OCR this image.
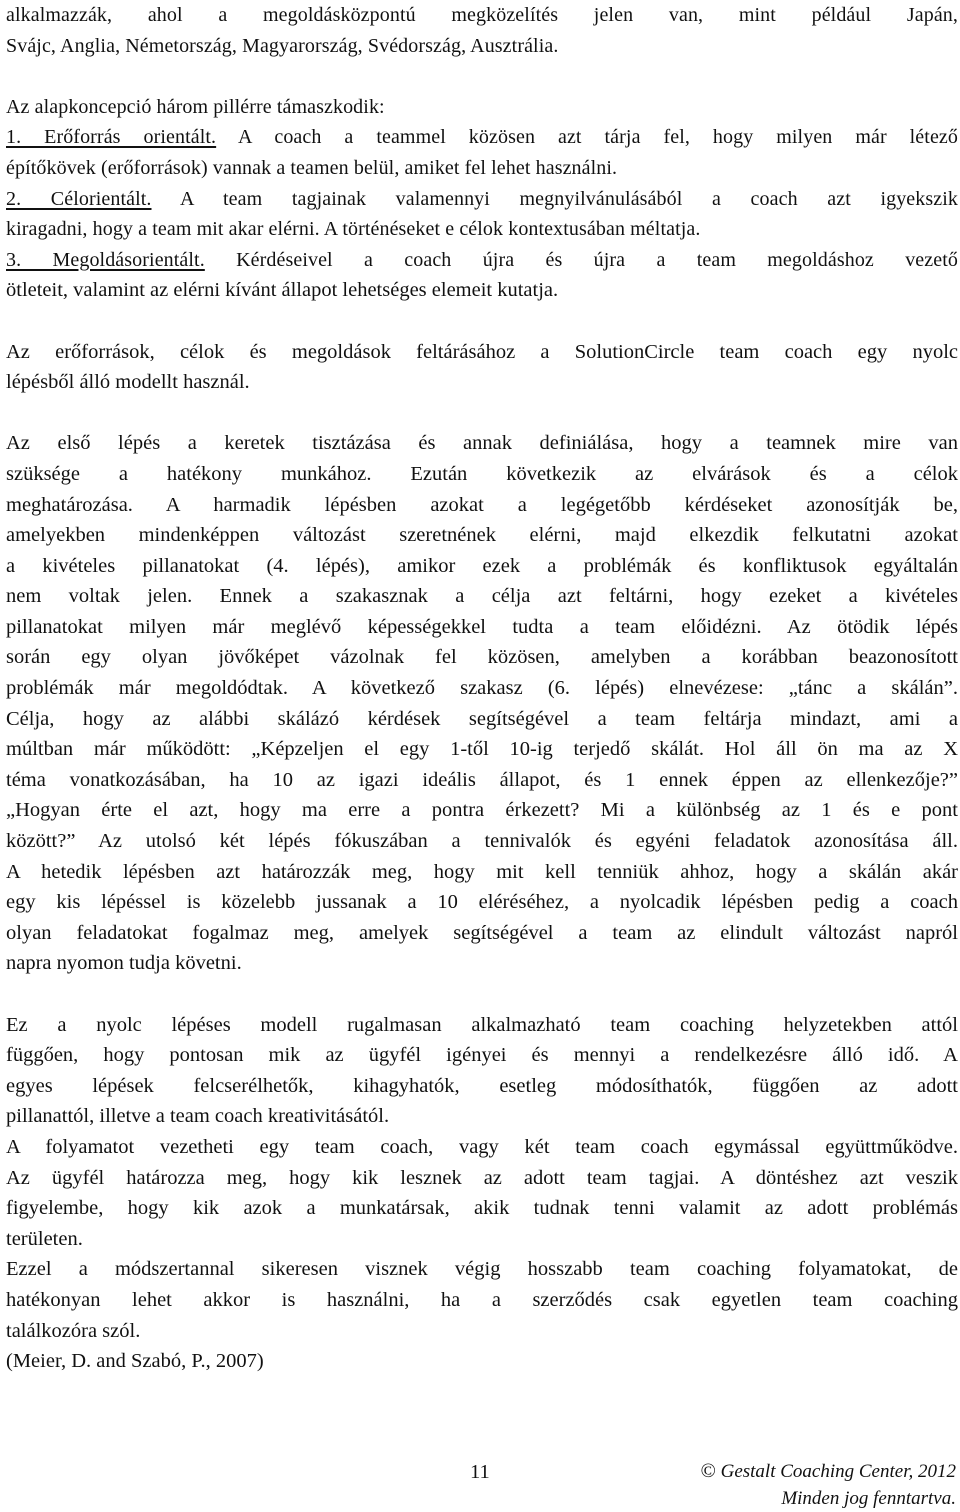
alkalmazzák, ahol a megoldásközpontú megközelítés jelen van, mint például Japán,
Svájc, Anglia, Németország, Magyarország, Svédország, Ausztrália.
Az alapkoncepció három pillérre támaszkodik:
1. Erőforrás orientált. A coach a teammel közösen azt tárja fel, hogy milyen már létező
építőkövek (erőforrások) vannak a teamen belül, amiket fel lehet használni.
2. Célorientált. A team tagjainak valamennyi megnyilvánulásából a coach azt igyekszik
kiragadni, hogy a team mit akar elérni. A történéseket e célok kontextusában méltatja.
3. Megoldásorientált. Kérdéseivel a coach újra és újra a team megoldáshoz vezető
ötleteit, valamint az elérni kívánt állapot lehetséges elemeit kutatja.
Az erőforrások, célok és megoldások feltárásához a SolutionCircle team coach egy nyolc
lépésből álló modellt használ.
Az első lépés a keretek tisztázása és annak definiálása, hogy a teamnek mire van
szüksége a hatékony munkához. Ezután következik az elvárások és a célok
meghatározása. A harmadik lépésben azokat a legégetőbb kérdéseket azonosítják be,
amelyekben mindenképpen változást szeretnének elérni, majd elkezdik felkutatni azokat
a kivételes pillanatokat (4. lépés), amikor ezek a problémák és konfliktusok egyáltalán
nem voltak jelen. Ennek a szakasznak a célja azt feltárni, hogy ezeket a kivételes
pillanatokat milyen már meglévő képességekkel tudta a team előidézni. Az ötödik lépés
során egy olyan jövőképet vázolnak fel közösen, amelyben a korábban beazonosított
problémák már megoldódtak. A következő szakasz (6. lépés) elnevézese: „tánc a skálán”.
Célja, hogy az alábbi skálázó kérdések segítségével a team feltárja mindazt, ami a
múltban már működött: „Képzeljen el egy 1-től 10-ig terjedő skálát. Hol áll ön ma az X
téma vonatkozásában, ha 10 az igazi ideális állapot, és 1 ennek éppen az ellenkezője?”
„Hogyan érte el azt, hogy ma erre a pontra érkezett? Mi a különbség az 1 és e pont
között?” Az utolsó két lépés fókuszában a tennivalók és egyéni feladatok azonosítása áll.
A hetedik lépésben azt határozzák meg, hogy mit kell tenniük ahhoz, hogy a skálán akár
egy kis lépéssel is közelebb jussanak a 10 eléréséhez, a nyolcadik lépésben pedig a coach
olyan feladatokat fogalmaz meg, amelyek segítségével a team az elindult változást napról
napra nyomon tudja követni.
Ez a nyolc lépéses modell rugalmasan alkalmazható team coaching helyzetekben attól
függően, hogy pontosan mik az ügyfél igényei és mennyi a rendelkezésre álló idő. A
egyes lépések felcserélhetők, kihagyhatók, esetleg módosíthatók, függően az adott
pillanattól, illetve a team coach kreativitásától.
A folyamatot vezetheti egy team coach, vagy két team coach egymással együttműködve.
Az ügyfél határozza meg, hogy kik lesznek az adott team tagjai. A döntéshez azt veszik
figyelembe, hogy kik azok a munkatársak, akik tudnak tenni valamit az adott problémás
területen.
Ezzel a módszertannal sikeresen visznek végig hosszabb team coaching folyamatokat, de
hatékonyan lehet akkor is használni, ha a szerződés csak egyetlen team coaching
találkozóra szól.
(Meier, D. and Szabó, P., 2007)
11	© Gestalt Coaching Center, 2012
Minden jog fenntartva.
